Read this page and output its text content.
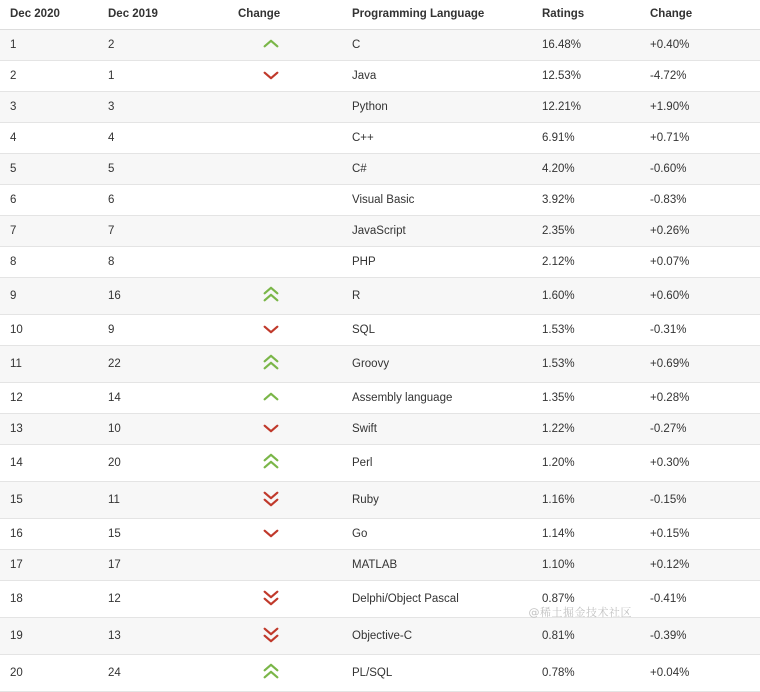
Dec 2020	Dec 2019	Change	Programming Language	Ratings	Change
1	2		C	16.48%	+0.40%
2	1		Java	12.53%	-4.72%
3	3		Python	12.21%	+1.90%
4	4		C++	6.91%	+0.71%
5	5		C#	4.20%	-0.60%
6	6		Visual Basic	3.92%	-0.83%
7	7		JavaScript	2.35%	+0.26%
8	8		PHP	2.12%	+0.07%
9	16		R	1.60%	+0.60%
10	9		SQL	1.53%	-0.31%
11	22		Groovy	1.53%	+0.69%
12	14		Assembly language	1.35%	+0.28%
13	10		Swift	1.22%	-0.27%
14	20		Perl	1.20%	+0.30%
15	11		Ruby	1.16%	-0.15%
16	15		Go	1.14%	+0.15%
17	17		MATLAB	1.10%	+0.12%
18	12		Delphi/Object Pascal	0.87%	-0.41%
19	13		Objective-C	0.81%	-0.39%
20	24		PL/SQL	0.78%	+0.04%
@稀土掘金技术社区
